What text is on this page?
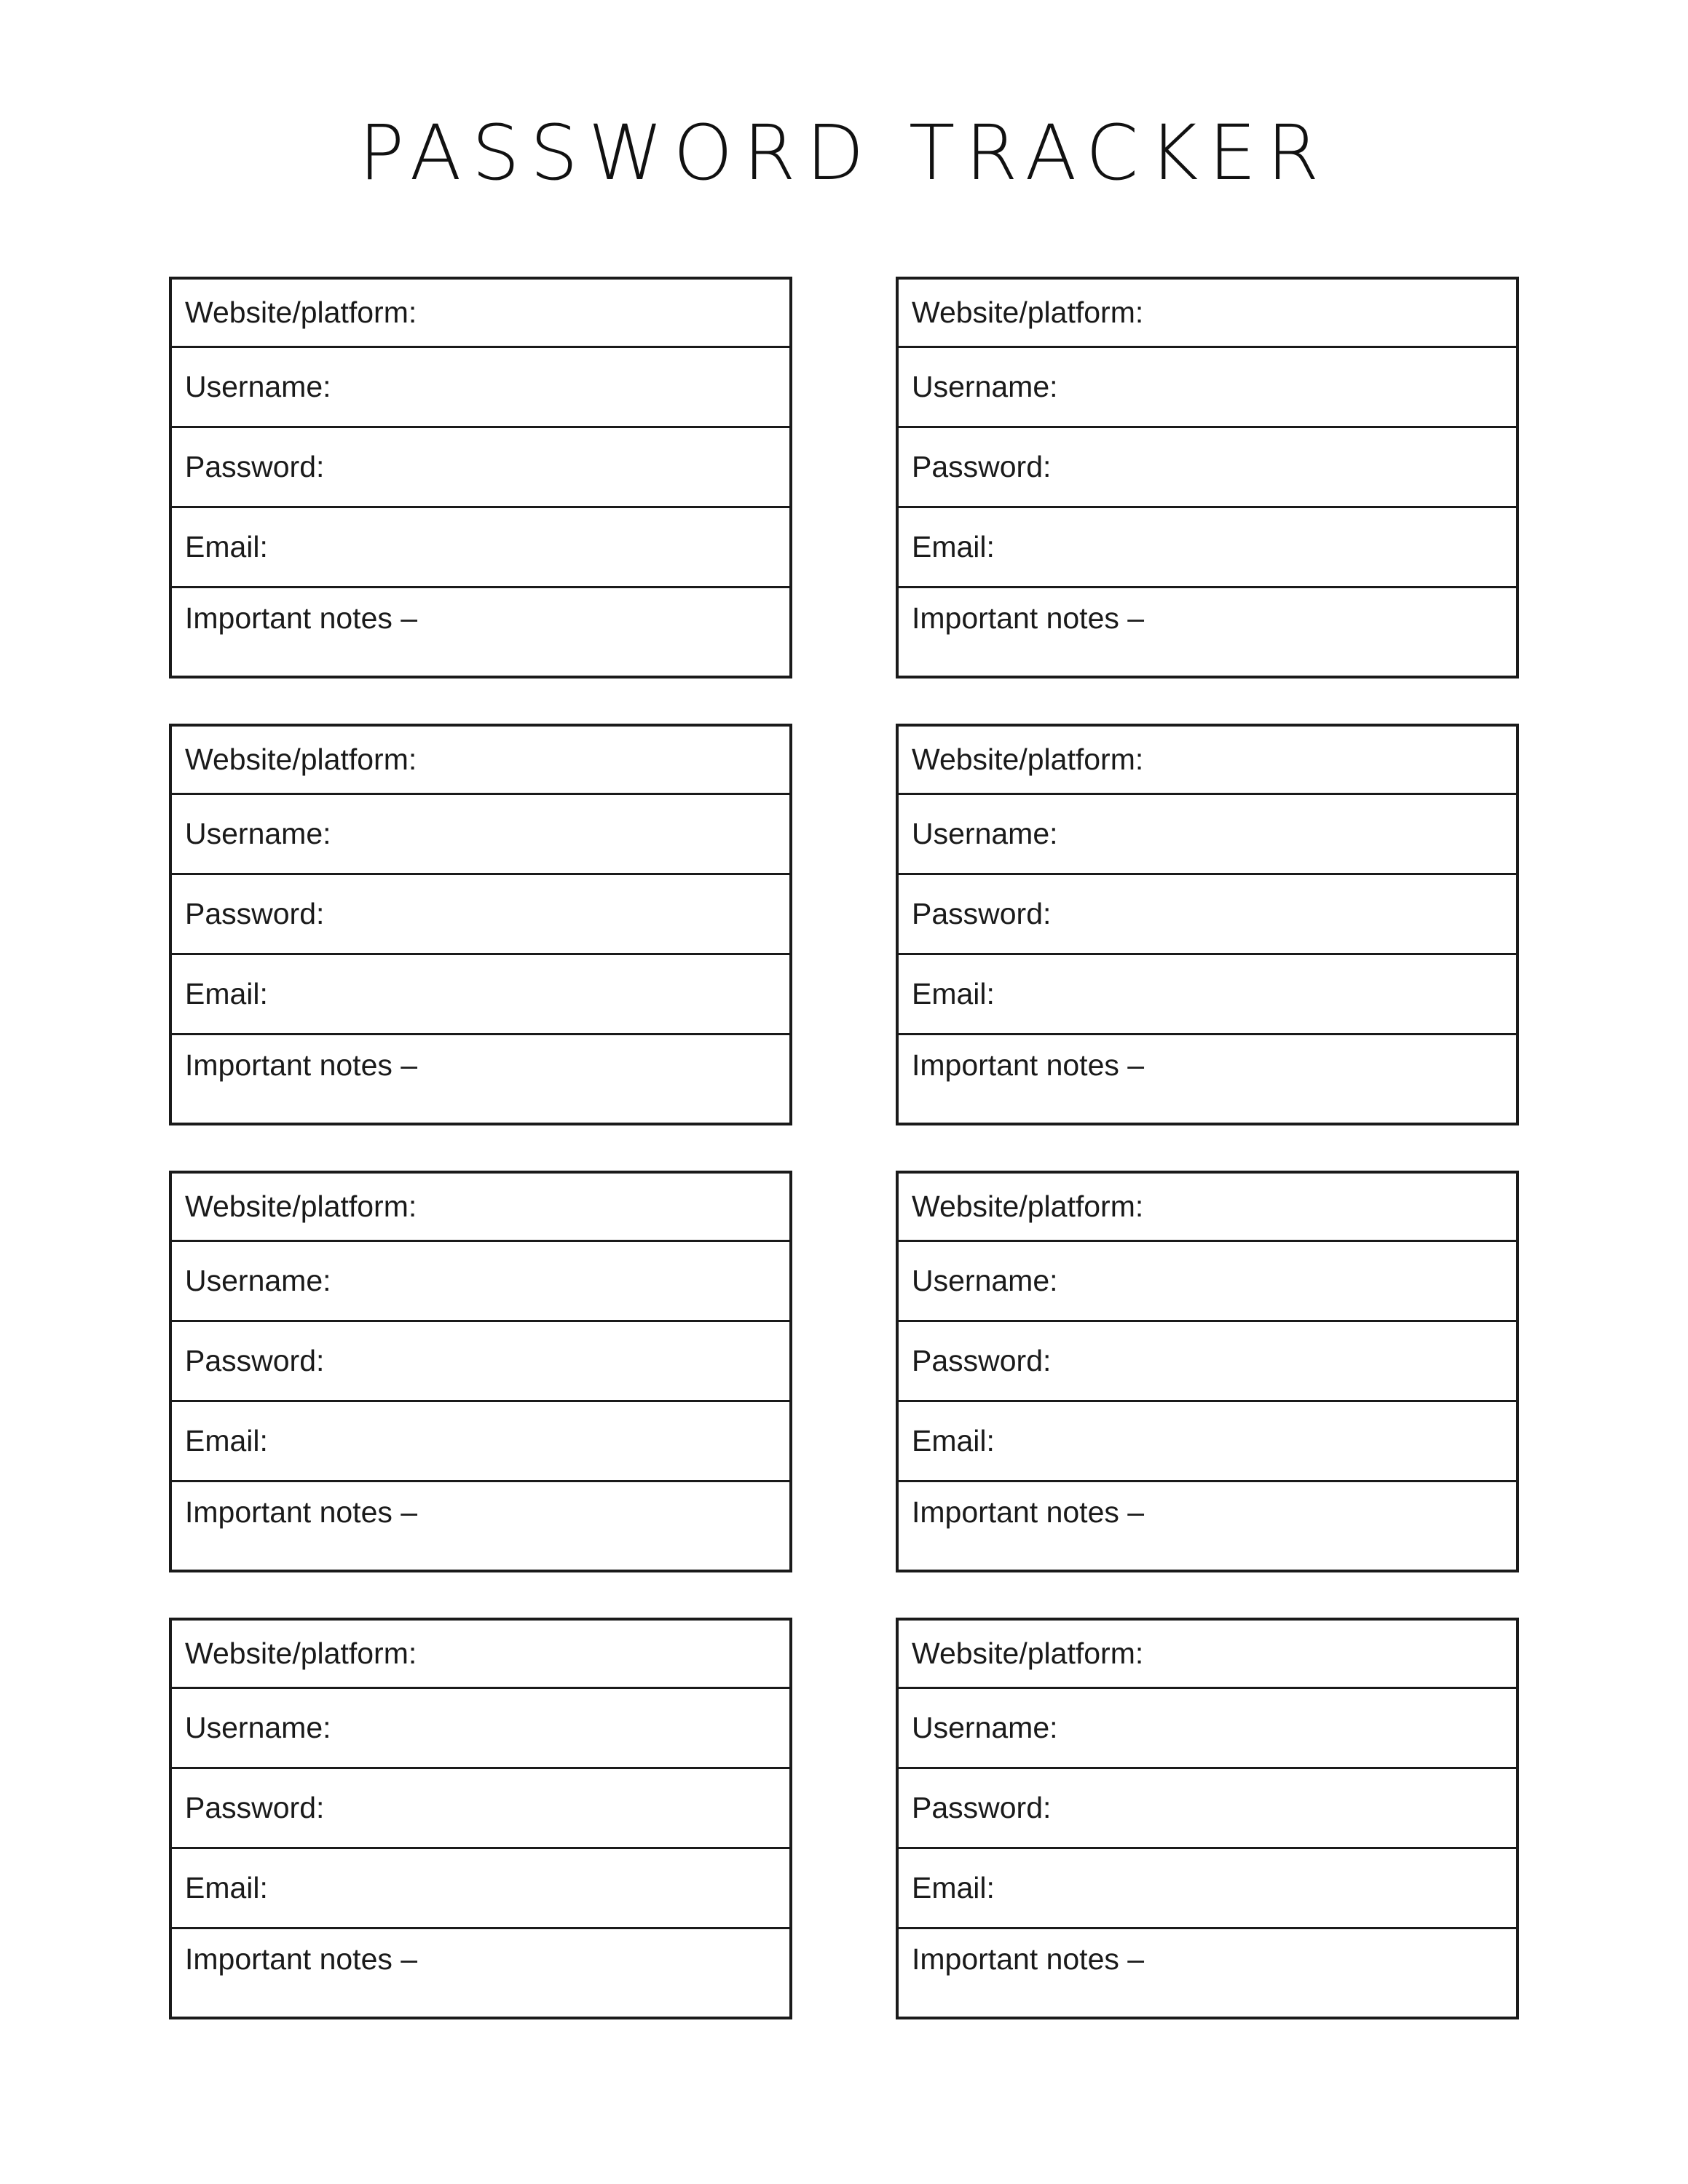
PASSWORD TRACKER
Website/platform:
Username:
Password:
Email:
Important notes –
Website/platform:
Username:
Password:
Email:
Important notes –
Website/platform:
Username:
Password:
Email:
Important notes –
Website/platform:
Username:
Password:
Email:
Important notes –
Website/platform:
Username:
Password:
Email:
Important notes –
Website/platform:
Username:
Password:
Email:
Important notes –
Website/platform:
Username:
Password:
Email:
Important notes –
Website/platform:
Username:
Password:
Email:
Important notes –
